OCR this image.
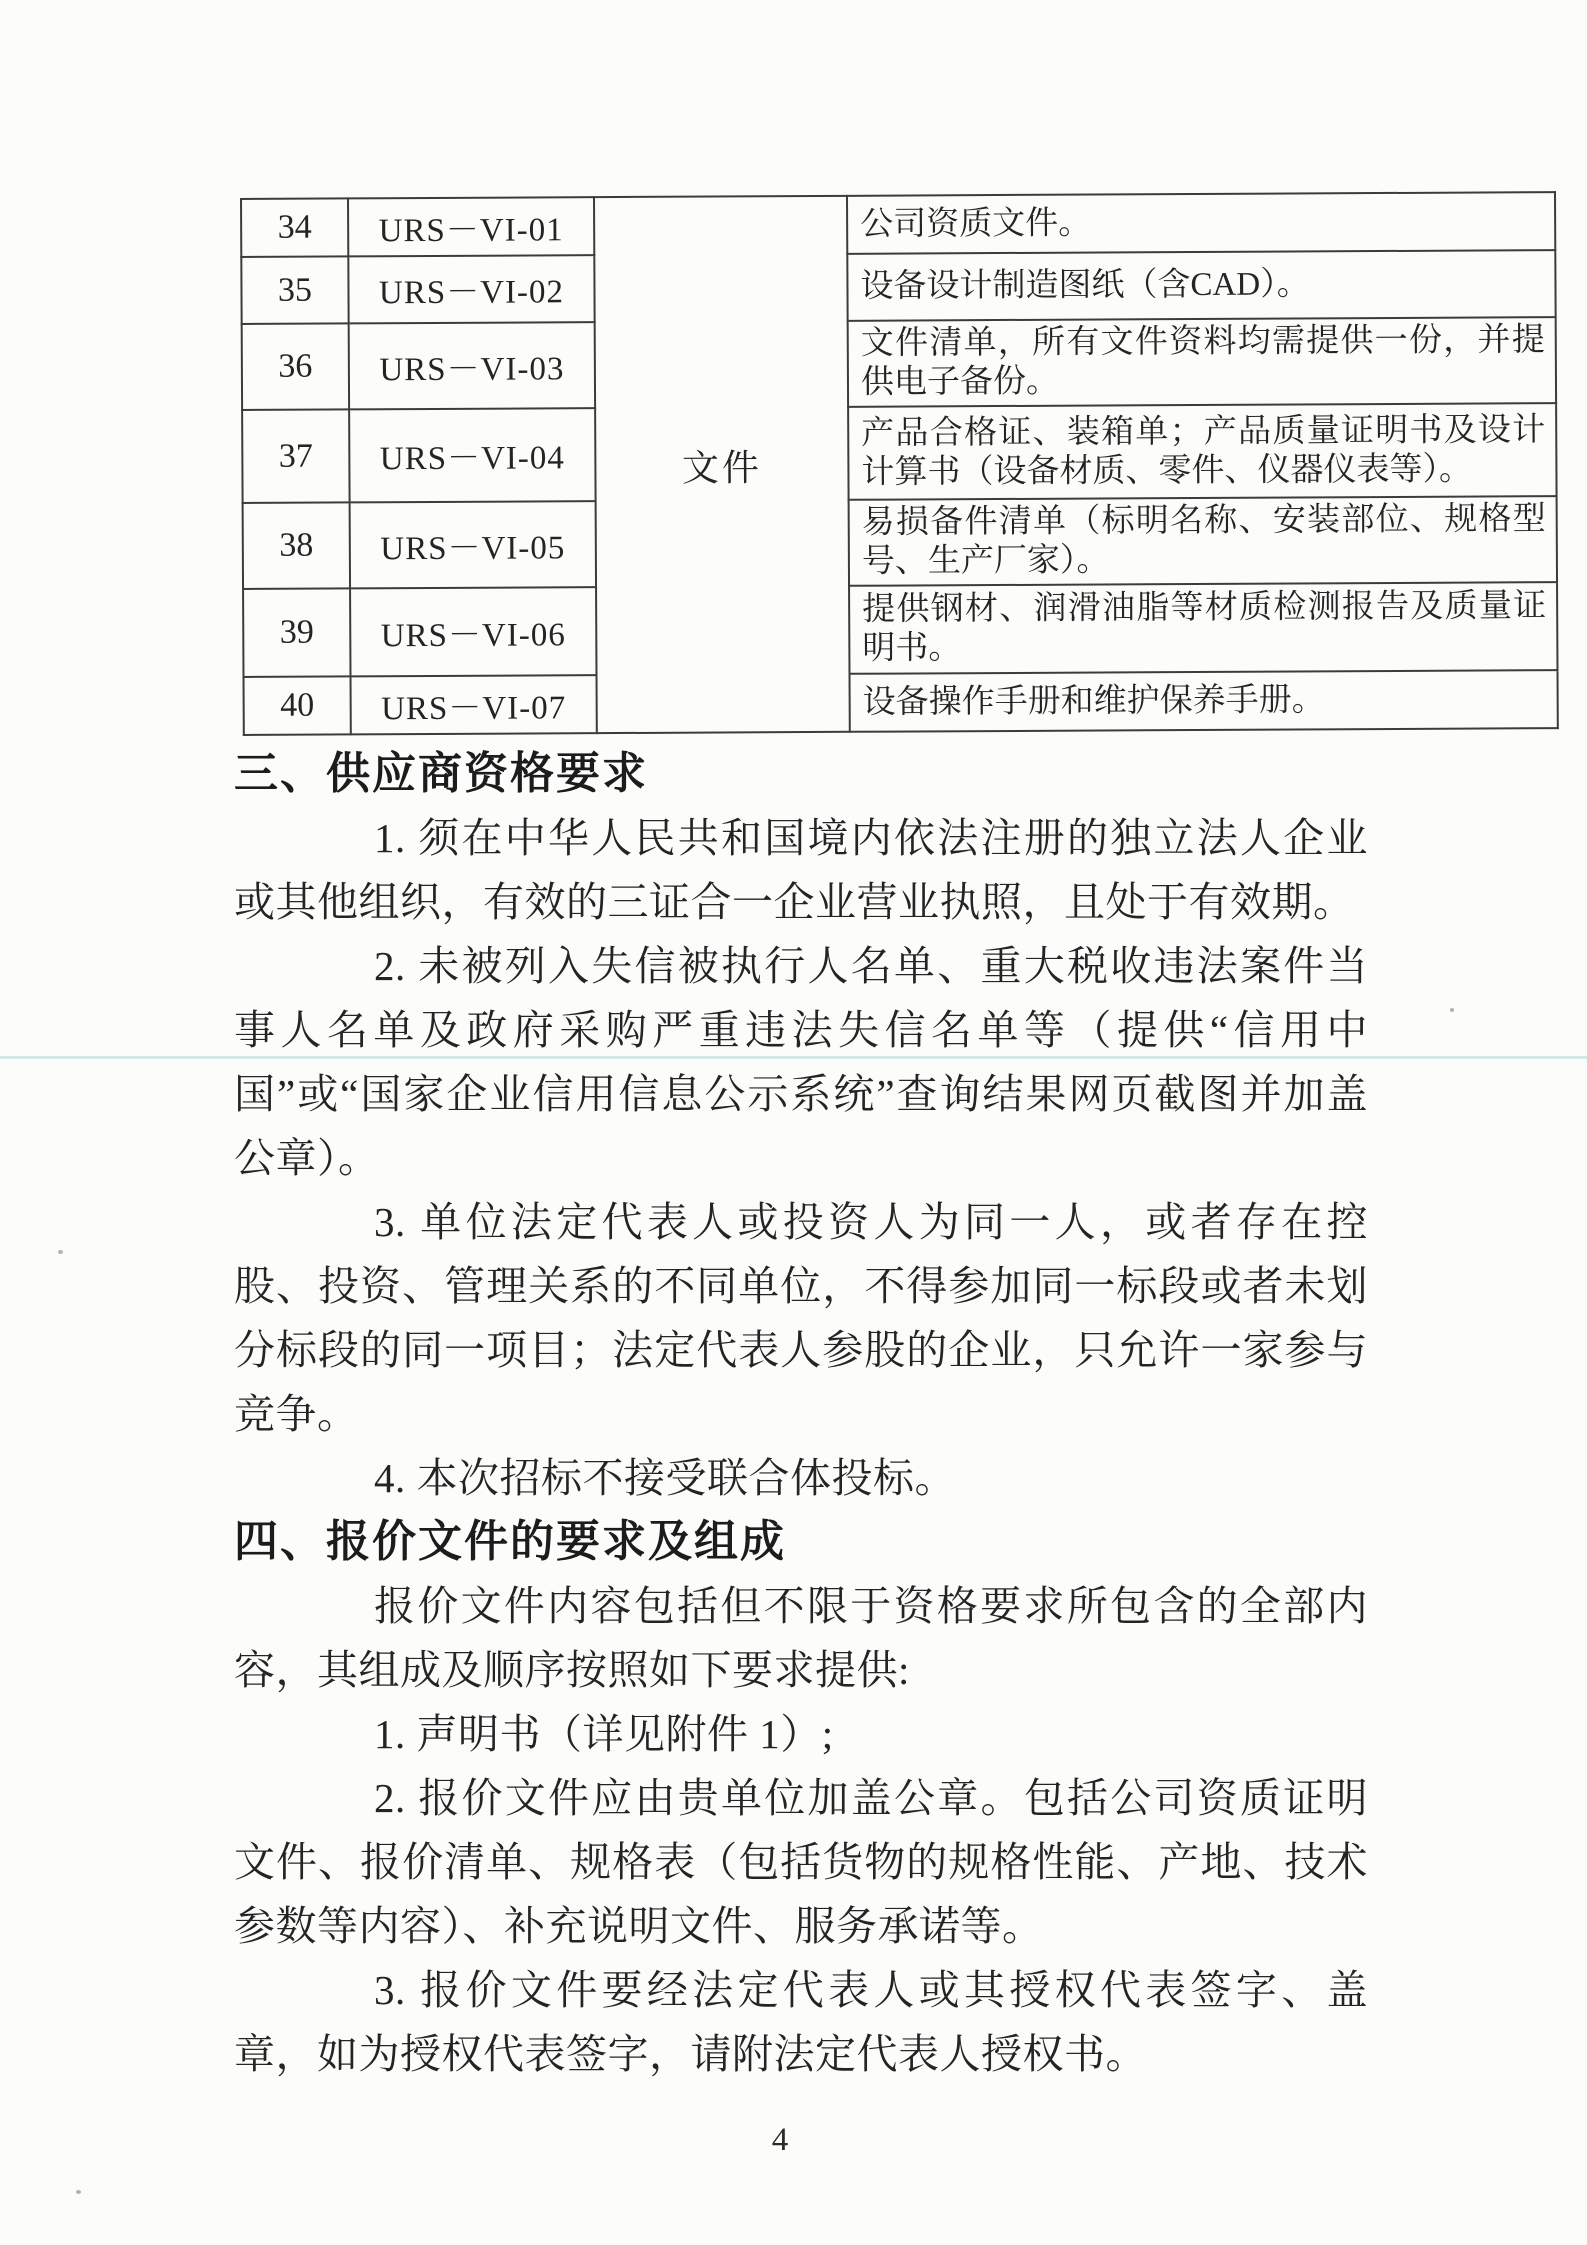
34	URS－VI-01	文件	公司资质文件。
35	URS－VI-02		设备设计制造图纸（含CAD）。
36	URS－VI-03		文件清单，所有文件资料均需提供一份，并提供电子备份。
37	URS－VI-04		产品合格证、装箱单；产品质量证明书及设计计算书（设备材质、零件、仪器仪表等）。
38	URS－VI-05		易损备件清单（标明名称、安装部位、规格型号、生产厂家）。
39	URS－VI-06		提供钢材、润滑油脂等材质检测报告及质量证明书。
40	URS－VI-07		设备操作手册和维护保养手册。
三、供应商资格要求

1. 须在中华人民共和国境内依法注册的独立法人企业或其他组织，有效的三证合一企业营业执照，且处于有效期。

2. 未被列入失信被执行人名单、重大税收违法案件当事人名单及政府采购严重违法失信名单等（提供“信用中国”或“国家企业信用信息公示系统”查询结果网页截图并加盖公章）。

3. 单位法定代表人或投资人为同一人，或者存在控股、投资、管理关系的不同单位，不得参加同一标段或者未划分标段的同一项目；法定代表人参股的企业，只允许一家参与竞争。

4. 本次招标不接受联合体投标。

四、报价文件的要求及组成

报价文件内容包括但不限于资格要求所包含的全部内容，其组成及顺序按照如下要求提供:

1. 声明书（详见附件 1）;

2. 报价文件应由贵单位加盖公章。包括公司资质证明文件、报价清单、规格表（包括货物的规格性能、产地、技术参数等内容）、补充说明文件、服务承诺等。

3. 报价文件要经法定代表人或其授权代表签字、盖章，如为授权代表签字，请附法定代表人授权书。

4
